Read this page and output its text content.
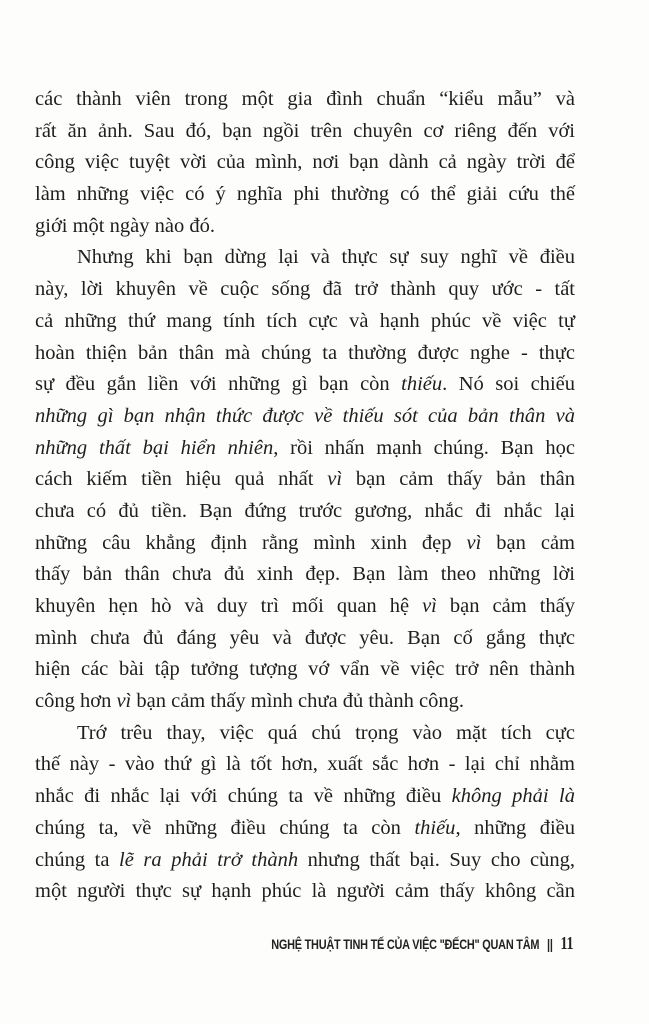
các thành viên trong một gia đình chuẩn “kiểu mẫu” và
rất ăn ảnh. Sau đó, bạn ngồi trên chuyên cơ riêng đến với
công việc tuyệt vời của mình, nơi bạn dành cả ngày trời để
làm những việc có ý nghĩa phi thường có thể giải cứu thế
giới một ngày nào đó.
Nhưng khi bạn dừng lại và thực sự suy nghĩ về điều
này, lời khuyên về cuộc sống đã trở thành quy ước - tất
cả những thứ mang tính tích cực và hạnh phúc về việc tự
hoàn thiện bản thân mà chúng ta thường được nghe - thực
sự đều gắn liền với những gì bạn còn thiếu. Nó soi chiếu
những gì bạn nhận thức được về thiếu sót của bản thân và
những thất bại hiển nhiên, rồi nhấn mạnh chúng. Bạn học
cách kiếm tiền hiệu quả nhất vì bạn cảm thấy bản thân
chưa có đủ tiền. Bạn đứng trước gương, nhắc đi nhắc lại
những câu khẳng định rằng mình xinh đẹp vì bạn cảm
thấy bản thân chưa đủ xinh đẹp. Bạn làm theo những lời
khuyên hẹn hò và duy trì mối quan hệ vì bạn cảm thấy
mình chưa đủ đáng yêu và được yêu. Bạn cố gắng thực
hiện các bài tập tưởng tượng vớ vẩn về việc trở nên thành
công hơn vì bạn cảm thấy mình chưa đủ thành công.
Trớ trêu thay, việc quá chú trọng vào mặt tích cực
thế này - vào thứ gì là tốt hơn, xuất sắc hơn - lại chỉ nhằm
nhắc đi nhắc lại với chúng ta về những điều không phải là
chúng ta, về những điều chúng ta còn thiếu, những điều
chúng ta lẽ ra phải trở thành nhưng thất bại. Suy cho cùng,
một người thực sự hạnh phúc là người cảm thấy không cần
NGHỆ THUẬT TINH TẾ CỦA VIỆC "ĐẾCH" QUAN TÂM || 11
